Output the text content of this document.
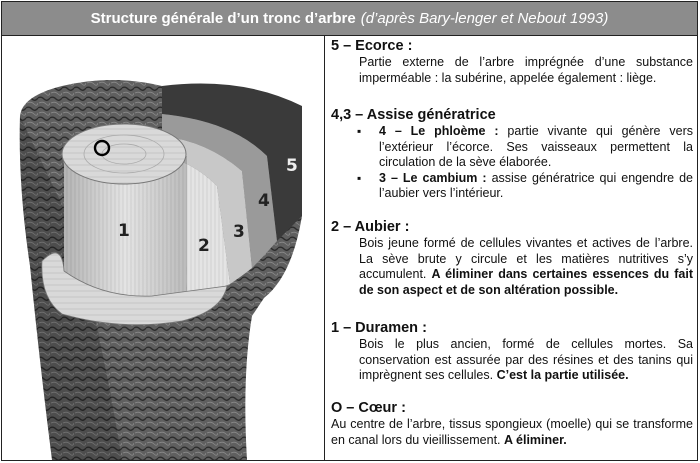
Structure générale d’un tronc d’arbre (d’après Bary-lenger et Nebout 1993)
1
2
3
4
5
5 – Ecorce :

Partie externe de l’arbre imprégnée d’une substance imperméable : la subérine, appelée également : liège.

4,3 – Assise génératrice
▪ 4 – Le phloème : partie vivante qui génère vers l’extérieur l’écorce. Ses vaisseaux permettent la circulation de la sève élaborée.
▪ 3 – Le cambium : assise génératrice qui engendre de l’aubier vers l’intérieur.
2 – Aubier :

Bois jeune formé de cellules vivantes et actives de l’arbre. La sève brute y circule et les matières nutritives s’y accumulent. A éliminer dans certaines essences du fait de son aspect et de son altération possible.

1 – Duramen :

Bois le plus ancien, formé de cellules mortes. Sa conservation est assurée par des résines et des tanins qui imprègnent ses cellules. C’est la partie utilisée.

O – Cœur :

Au centre de l’arbre, tissus spongieux (moelle) qui se transforme en canal lors du vieillissement. A éliminer.
